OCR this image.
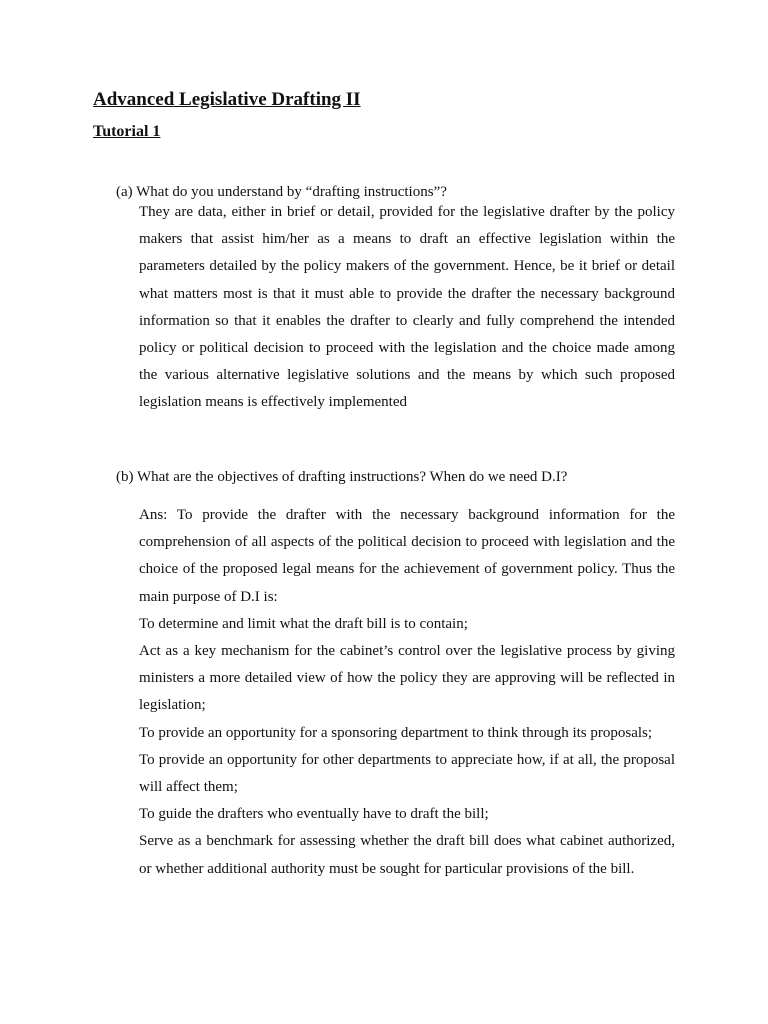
Advanced Legislative Drafting II
Tutorial 1

(a) What do you understand by “drafting instructions”?

They are data, either in brief or detail, provided for the legislative drafter by the policy makers that assist him/her as a means to draft an effective legislation within the parameters detailed by the policy makers of the government. Hence, be it brief or detail what matters most is that it must able to provide the drafter the necessary background information so that it enables the drafter to clearly and fully comprehend the intended policy or political decision to proceed with the legislation and the choice made among the various alternative legislative solutions and the means by which such proposed legislation means is effectively implemented

(b) What are the objectives of drafting instructions? When do we need D.I?

Ans: To provide the drafter with the necessary background information for the comprehension of all aspects of the political decision to proceed with legislation and the choice of the proposed legal means for the achievement of government policy. Thus the main purpose of D.I is:

To determine and limit what the draft bill is to contain;

Act as a key mechanism for the cabinet’s control over the legislative process by giving ministers a more detailed view of how the policy they are approving will be reflected in legislation;

To provide an opportunity for a sponsoring department to think through its proposals;

To provide an opportunity for other departments to appreciate how, if at all, the proposal will affect them;

To guide the drafters who eventually have to draft the bill;

Serve as a benchmark for assessing whether the draft bill does what cabinet authorized, or whether additional authority must be sought for particular provisions of the bill.
